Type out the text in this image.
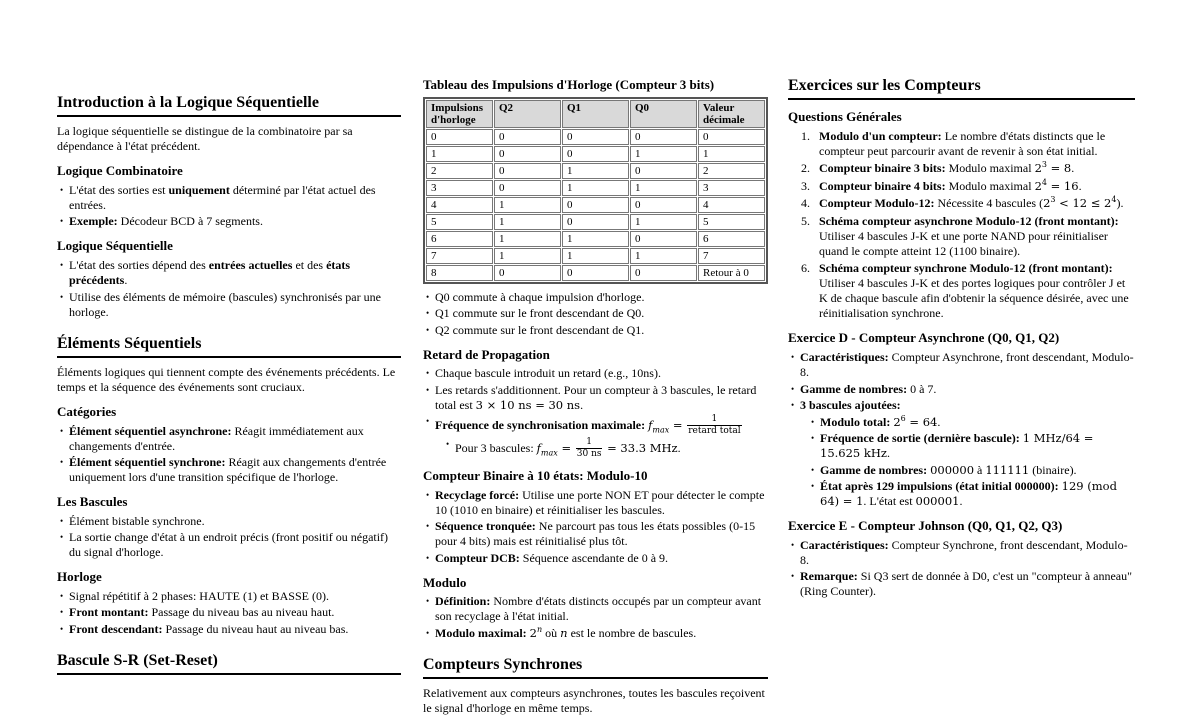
Introduction à la Logique Séquentielle

La logique séquentielle se distingue de la combinatoire par sa dépendance à l'état précédent.

Logique Combinatoire
• L'état des sorties est uniquement déterminé par l'état actuel des entrées.
• Exemple: Décodeur BCD à 7 segments.
Logique Séquentielle
• L'état des sorties dépend des entrées actuelles et des états précédents.
• Utilise des éléments de mémoire (bascules) synchronisés par une horloge.
Éléments Séquentiels

Éléments logiques qui tiennent compte des événements précédents. Le temps et la séquence des événements sont cruciaux.

Catégories
• Élément séquentiel asynchrone: Réagit immédiatement aux changements d'entrée.
• Élément séquentiel synchrone: Réagit aux changements d'entrée uniquement lors d'une transition spécifique de l'horloge.
Les Bascules
• Élément bistable synchrone.
• La sortie change d'état à un endroit précis (front positif ou négatif) du signal d'horloge.
Horloge
• Signal répétitif à 2 phases: HAUTE (1) et BASSE (0).
• Front montant: Passage du niveau bas au niveau haut.
• Front descendant: Passage du niveau haut au niveau bas.
Bascule S-R (Set-Reset)
Tableau des Impulsions d'Horloge (Compteur 3 bits)
Impulsions d'horloge	Q2	Q1	Q0	Valeur décimale
0	0	0	0	0
1	0	0	1	1
2	0	1	0	2
3	0	1	1	3
4	1	0	0	4
5	1	0	1	5
6	1	1	0	6
7	1	1	1	7
8	0	0	0	Retour à 0
• Q0 commute à chaque impulsion d'horloge.
• Q1 commute sur le front descendant de Q0.
• Q2 commute sur le front descendant de Q1.
Retard de Propagation
• Chaque bascule introduit un retard (e.g., 10ns).
• Les retards s'additionnent. Pour un compteur à 3 bascules, le retard total est 3 × 10 ns = 30 ns.
• Fréquence de synchronisation maximale: $f_{max} = \frac{1}{\text{retard total}}$
• Pour 3 bascules: $f_{max} = \frac{1}{30 ns} = 33.3$ MHz.
Compteur Binaire à 10 états: Modulo-10
• Recyclage forcé: Utilise une porte NON ET pour détecter le compte 10 (1010 en binaire) et réinitialiser les bascules.
• Séquence tronquée: Ne parcourt pas tous les états possibles (0-15 pour 4 bits) mais est réinitialisé plus tôt.
• Compteur DCB: Séquence ascendante de 0 à 9.
Modulo
• Définition: Nombre d'états distincts occupés par un compteur avant son recyclage à l'état initial.
• Modulo maximal: 2$^n$ où n est le nombre de bascules.
Compteurs Synchrones

Relativement aux compteurs asynchrones, toutes les bascules reçoivent le signal d'horloge en même temps.

Exercices sur les Compteurs
Questions Générales
Modulo d'un compteur: Le nombre d'états distincts que le compteur peut parcourir avant de revenir à son état initial.
Compteur binaire 3 bits: Modulo maximal $2^3 = 8$.
Compteur binaire 4 bits: Modulo maximal $2^4 = 16$.
Compteur Modulo-12: Nécessite 4 bascules $(2^3 < 12 \le 2^4)$.
Schéma compteur asynchrone Modulo-12 (front montant): Utiliser 4 bascules J-K et une porte NAND pour réinitialiser quand le compte atteint 12 (1100 binaire).
Schéma compteur synchrone Modulo-12 (front montant): Utiliser 4 bascules J-K et des portes logiques pour contrôler J et K de chaque bascule afin d'obtenir la séquence désirée, avec une réinitialisation synchrone.
Exercice D - Compteur Asynchrone (Q0, Q1, Q2)
• Caractéristiques: Compteur Asynchrone, front descendant, Modulo-8.
• Gamme de nombres: 0 à 7.
• 3 bascules ajoutées:
• Modulo total: $2^6 = 64$.
• Fréquence de sortie (dernière bascule): 1 MHz/64 = 15.625 kHz.
• Gamme de nombres: 000000 à 111111 (binaire).
• État après 129 impulsions (état initial 000000): 129 (mod 64) = 1. L'état est 000001.
Exercice E - Compteur Johnson (Q0, Q1, Q2, Q3)
• Caractéristiques: Compteur Synchrone, front descendant, Modulo-8.
• Remarque: Si Q3 sert de donnée à D0, c'est un "compteur à anneau" (Ring Counter).
